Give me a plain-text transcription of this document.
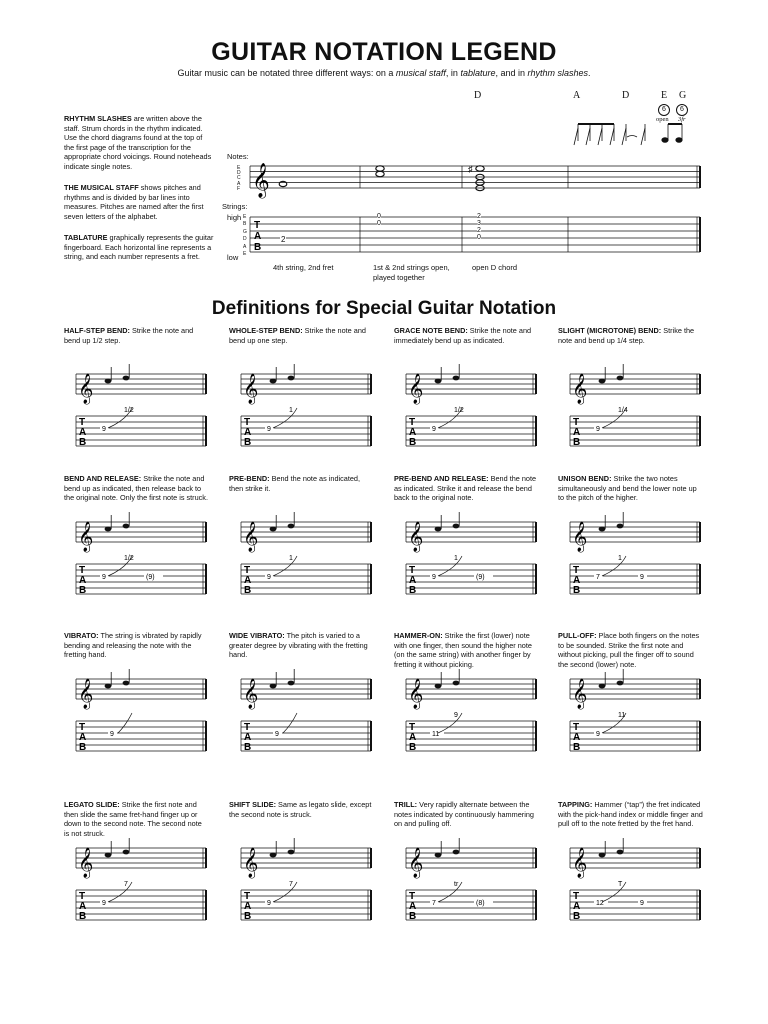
GUITAR NOTATION LEGEND
Guitar music can be notated three different ways: on a musical staff, in tablature, and in rhythm slashes.
RHYTHM SLASHES are written above the staff. Strum chords in the rhythm indicated. Use the chord diagrams found at the top of the first page of the transcription for the appropriate chord voicings. Round noteheads indicate single notes.
THE MUSICAL STAFF shows pitches and rhythms and is divided by bar lines into measures. Pitches are named after the first seven letters of the alphabet.
TABLATURE graphically represents the guitar fingerboard. Each horizontal line represents a string, and each number represents a fret.
Notes:
Strings:
high
low
D	A	D	E G
6	6
open 3fr
4th string, 2nd fret	1st & 2nd strings open, played together
open D chord
E
D
C
A
F
E
B
G
D
A
E
𝄞	♯
T
A
B
2
0
0
2
3
2
0
Definitions for Special Guitar Notation
HALF-STEP BEND: Strike the note and bend up 1/2 step.
𝄞
T
A
B
1/2
9
WHOLE-STEP BEND: Strike the note and bend up one step.
𝄞
T
A
B
1
9
GRACE NOTE BEND: Strike the note and immediately bend up as indicated.
𝄞
T
A
B
1/2
9
SLIGHT (MICROTONE) BEND: Strike the note and bend up 1/4 step.
𝄞
T
A
B
1/4
9
BEND AND RELEASE: Strike the note and bend up as indicated, then release back to the original note. Only the first note is struck.
𝄞
T
A
B
1/2
9	(9)
PRE-BEND: Bend the note as indicated, then strike it.
𝄞
T
A
B
1
9
PRE-BEND AND RELEASE: Bend the note as indicated. Strike it and release the bend back to the original note.
𝄞
T
A
B
1
9	(9)
UNISON BEND: Strike the two notes simultaneously and bend the lower note up to the pitch of the higher.
𝄞
T
A
B
1
7	9
VIBRATO: The string is vibrated by rapidly bending and releasing the note with the fretting hand.
𝄞
T
A
B
9
WIDE VIBRATO: The pitch is varied to a greater degree by vibrating with the fretting hand.
𝄞
T
A
B
9
HAMMER-ON: Strike the first (lower) note with one finger, then sound the higher note (on the same string) with another finger by fretting it without picking.
𝄞
T
A
B
9
11
PULL-OFF: Place both fingers on the notes to be sounded. Strike the first note and without picking, pull the finger off to sound the second (lower) note.
𝄞
T
A
B
11
9
LEGATO SLIDE: Strike the first note and then slide the same fret-hand finger up or down to the second note. The second note is not struck.
𝄞
T
A
B
7
9
SHIFT SLIDE: Same as legato slide, except the second note is struck.
𝄞
T
A
B
7
9
TRILL: Very rapidly alternate between the notes indicated by continuously hammering on and pulling off.
𝄞
T
A
B
tr
7	(8)
TAPPING: Hammer (“tap”) the fret indicated with the pick-hand index or middle finger and pull off to the note fretted by the fret hand.
𝄞
T
A
B
T
12	9
